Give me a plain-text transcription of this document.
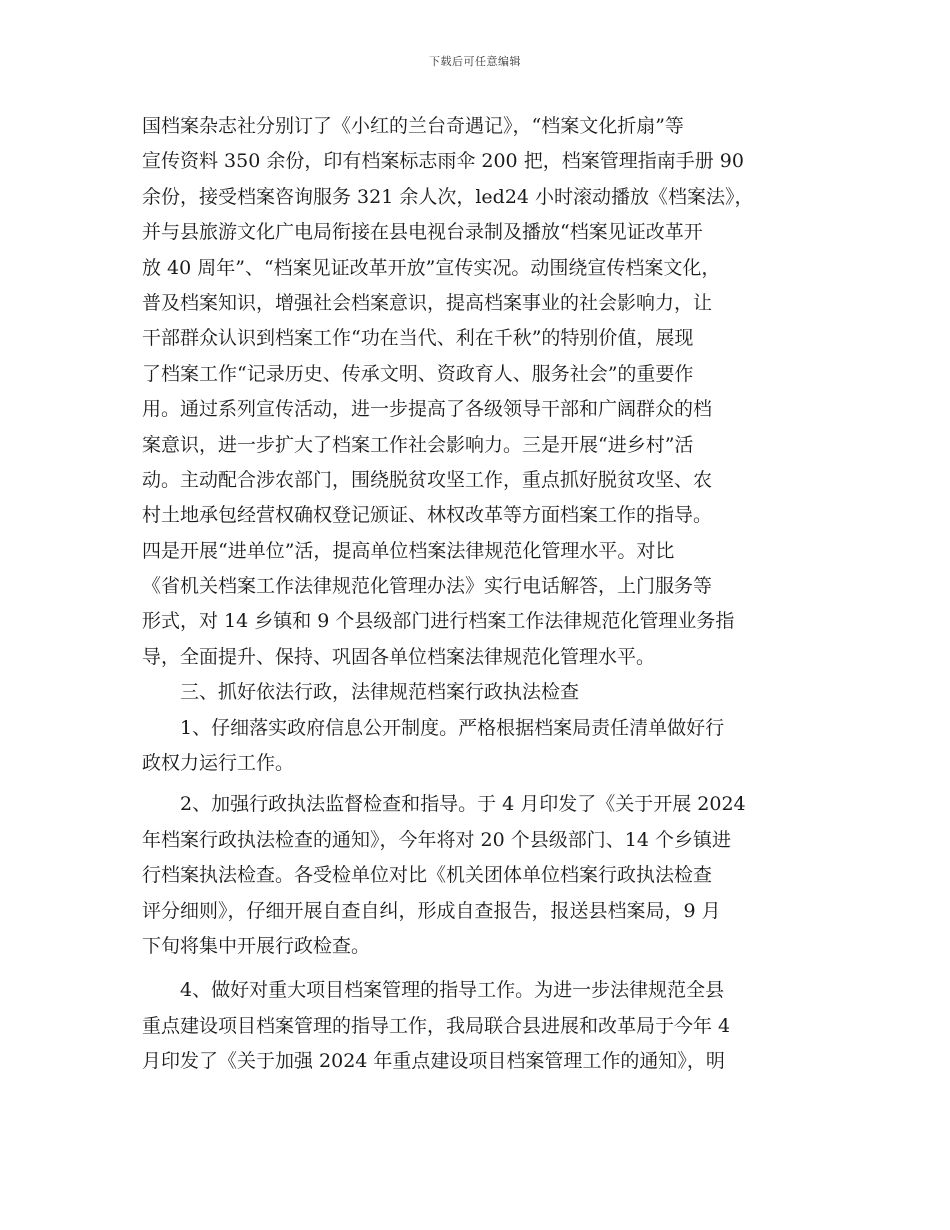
下载后可任意编辑
国档案杂志社分别订了《小红的兰台奇遇记》，“档案文化折扇”等
宣传资料 350 余份，印有档案标志雨伞 200 把，档案管理指南手册 90
余份，接受档案咨询服务 321 余人次，led24 小时滚动播放《档案法》，
并与县旅游文化广电局衔接在县电视台录制及播放“档案见证改革开
放 40 周年”、“档案见证改革开放”宣传实况。动围绕宣传档案文化，
普及档案知识，增强社会档案意识，提高档案事业的社会影响力，让
干部群众认识到档案工作“功在当代、利在千秋”的特别价值，展现
了档案工作“记录历史、传承文明、资政育人、服务社会”的重要作
用。通过系列宣传活动，进一步提高了各级领导干部和广阔群众的档
案意识，进一步扩大了档案工作社会影响力。三是开展“进乡村”活
动。主动配合涉农部门，围绕脱贫攻坚工作，重点抓好脱贫攻坚、农
村土地承包经营权确权登记颁证、林权改革等方面档案工作的指导。
四是开展“进单位”活，提高单位档案法律规范化管理水平。对比
《省机关档案工作法律规范化管理办法》实行电话解答，上门服务等
形式，对 14 乡镇和 9 个县级部门进行档案工作法律规范化管理业务指
导，全面提升、保持、巩固各单位档案法律规范化管理水平。
　　三、抓好依法行政，法律规范档案行政执法检查
　　1、仔细落实政府信息公开制度。严格根据档案局责任清单做好行
政权力运行工作。
　　2、加强行政执法监督检查和指导。于 4 月印发了《关于开展 2024
年档案行政执法检查的通知》，今年将对 20 个县级部门、14 个乡镇进
行档案执法检查。各受检单位对比《机关团体单位档案行政执法检查
评分细则》，仔细开展自查自纠，形成自查报告，报送县档案局，9 月
下旬将集中开展行政检查。
　　4、做好对重大项目档案管理的指导工作。为进一步法律规范全县
重点建设项目档案管理的指导工作，我局联合县进展和改革局于今年 4
月印发了《关于加强 2024 年重点建设项目档案管理工作的通知》，明
